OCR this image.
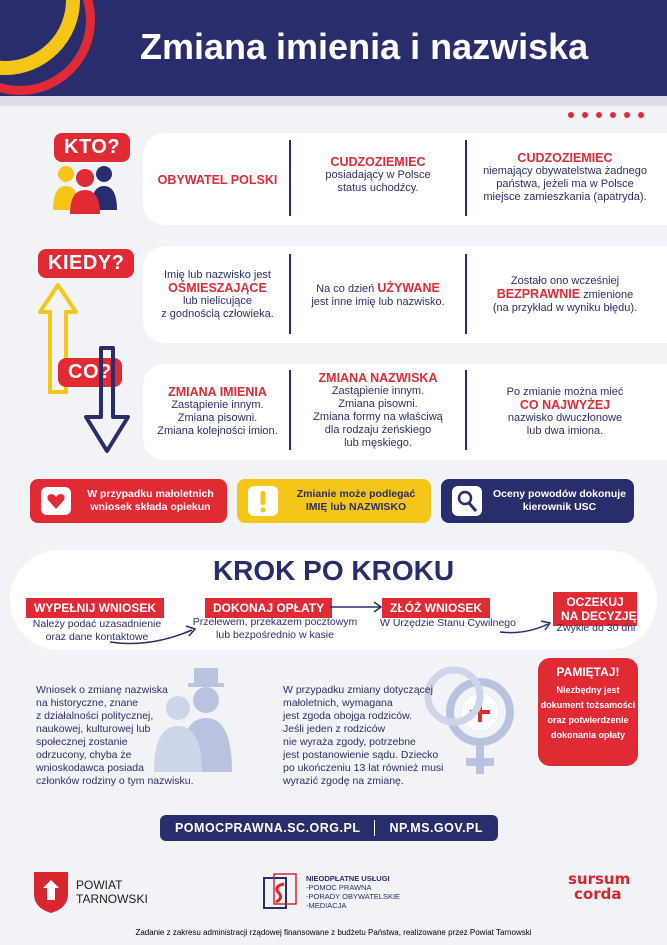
Zmiana imienia i nazwiska
KTO?
OBYWATEL POLSKI
CUDZOZIEMIEC
posiadający w Polsce
status uchodźcy.
CUDZOZIEMIEC
niemający obywatelstwa żadnego
państwa, jeżeli ma w Polsce
miejsce zamieszkania (apatryda).
KIEDY?
Imię lub nazwisko jest
OŚMIESZAJĄCE
lub nielicujące
z godnością człowieka.
Na co dzień UŻYWANE
jest inne imię lub nazwisko.
Zostało ono wcześniej
BEZPRAWNIE zmienione
(na przykład w wyniku błędu).
CO?
ZMIANA IMIENIA
Zastąpienie innym.
Zmiana pisowni.
Zmiana kolejności imion.
ZMIANA NAZWISKA
Zastąpienie innym.
Zmiana pisowni.
Zmiana formy na właściwą
dla rodzaju żeńskiego
lub męskiego.
Po zmianie można mieć
CO NAJWYŻEJ
nazwisko dwuczłonowe
lub dwa imiona.
W przypadku małoletnich
wniosek składa opiekun
Zmianie może podlegać
IMIĘ lub NAZWISKO
Oceny powodów dokonuje
kierownik USC
KROK PO KROKU
WYPEŁNIJ WNIOSEK
Należy podać uzasadnienie
oraz dane kontaktowe
DOKONAJ OPŁATY
Przelewem, przekazem pocztowym
lub bezpośrednio w kasie
ZŁÓŻ WNIOSEK
W Urzędzie Stanu Cywilnego
OCZEKUJ
NA DECYZJĘ
Zwykle do 30 dni
Wniosek o zmianę nazwiska
na historyczne, znane
z działalności politycznej,
naukowej, kulturowej lub
społecznej zostanie
odrzucony, chyba że
wnioskodawca posiada
członków rodziny o tym nazwisku.
W przypadku zmiany dotyczącej
małoletnich, wymagana
jest zgoda obojga rodziców.
Jeśli jeden z rodziców
nie wyraża zgody, potrzebne
jest postanowienie sądu. Dziecko
po ukończeniu 13 lat również musi
wyrazić zgodę na zmianę.
PAMIĘTAJ!
Niezbędny jest
dokument tożsamości
oraz potwierdzenie
dokonania opłaty
POMOCPRAWNA.SC.ORG.PL NP.MS.GOV.PL
POWIAT
TARNOWSKI
NIEODPŁATNE USŁUGI
-POMOC PRAWNA
-PORADY OBYWATELSKIE
-MEDIACJA
sursum
corda
Zadanie z zakresu administracji rządowej finansowane z budżetu Państwa, realizowane przez Powiat Tarnowski
